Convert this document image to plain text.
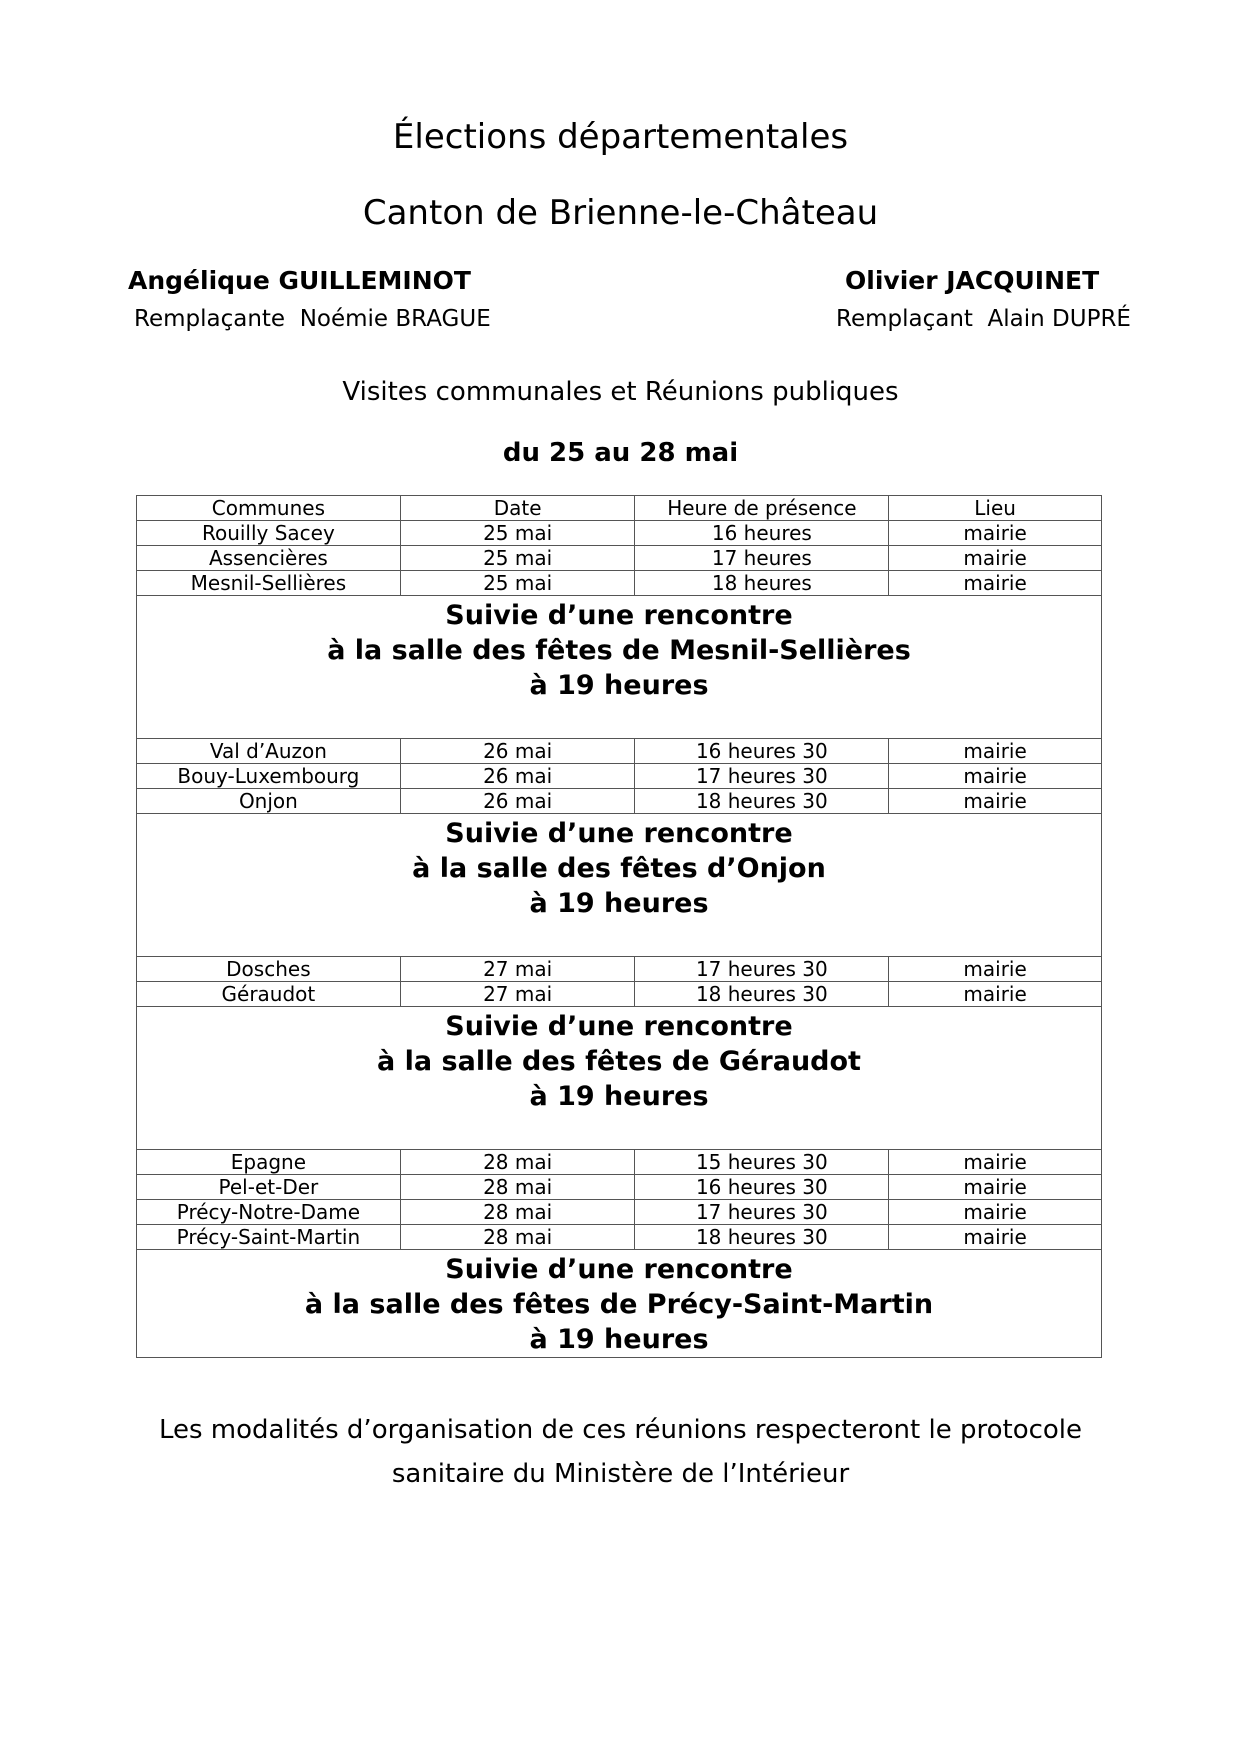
Élections départementales
Canton de Brienne-le-Château
Angélique GUILLEMINOT	Olivier JACQUINET
Remplaçante  Noémie BRAGUE	Remplaçant  Alain DUPRÉ
Visites communales et Réunions publiques
du 25 au 28 mai
Communes	Date	Heure de présence	Lieu
Rouilly Sacey	25 mai	16 heures	mairie
Assencières	25 mai	17 heures	mairie
Mesnil-Sellières	25 mai	18 heures	mairie

Suivie d’une rencontre
à la salle des fêtes de Mesnil-Sellières
à 19 heures			

Val d’Auzon	26 mai	16 heures 30	mairie
Bouy-Luxembourg	26 mai	17 heures 30	mairie
Onjon	26 mai	18 heures 30	mairie

Suivie d’une rencontre
à la salle des fêtes d’Onjon
à 19 heures			

Dosches	27 mai	17 heures 30	mairie
Géraudot	27 mai	18 heures 30	mairie

Suivie d’une rencontre
à la salle des fêtes de Géraudot
à 19 heures			

Epagne	28 mai	15 heures 30	mairie
Pel-et-Der	28 mai	16 heures 30	mairie
Précy-Notre-Dame	28 mai	17 heures 30	mairie
Précy-Saint-Martin	28 mai	18 heures 30	mairie

Suivie d’une rencontre
à la salle des fêtes de Précy-Saint-Martin
à 19 heures			
Les modalités d’organisation de ces réunions respecteront le protocole
sanitaire du Ministère de l’Intérieur
